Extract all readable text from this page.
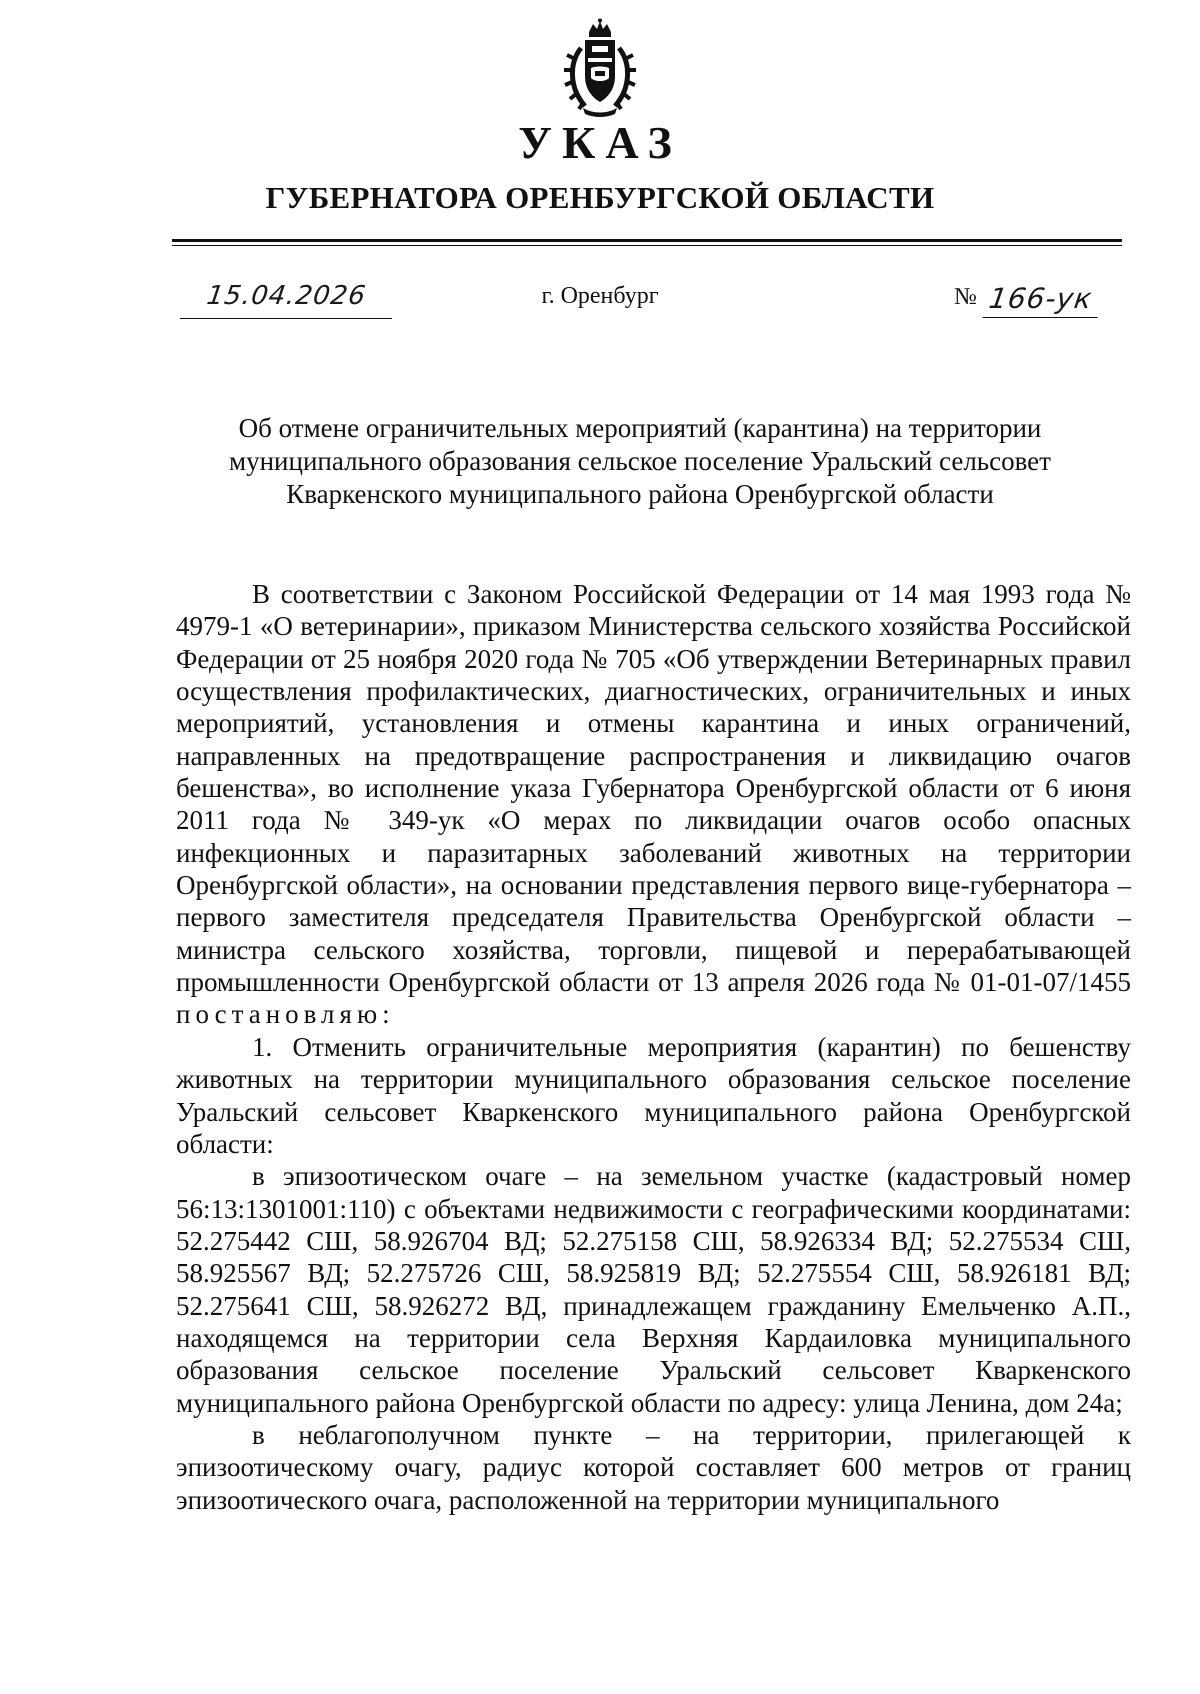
УКАЗ
ГУБЕРНАТОРА ОРЕНБУРГСКОЙ ОБЛАСТИ
15.04.2026	г. Оренбург	№ 166-ук
Об отмене ограничительных мероприятий (карантина) на территории
муниципального образования сельское поселение Уральский сельсовет
Кваркенского муниципального района Оренбургской области

В соответствии с Законом Российской Федерации от 14 мая 1993 года № 4979-1 «О ветеринарии», приказом Министерства сельского хозяйства Российской Федерации от 25 ноября 2020 года № 705 «Об утверждении Ветеринарных правил осуществления профилактических, диагностических, ограничительных и иных мероприятий, установления и отмены карантина и иных ограничений, направленных на предотвращение распространения и ликвидацию очагов бешенства», во исполнение указа Губернатора Оренбургской области от 6 июня 2011 года № 349-ук «О мерах по ликвидации очагов особо опасных инфекционных и паразитарных заболеваний животных на территории Оренбургской области», на основании представления первого вице-губернатора – первого заместителя председателя Правительства Оренбургской области – министра сельского хозяйства, торговли, пищевой и перерабатывающей промышленности Оренбургской области от 13 апреля 2026 года № 01-01-07/1455 постановляю:

1. Отменить ограничительные мероприятия (карантин) по бешенству животных на территории муниципального образования сельское поселение Уральский сельсовет Кваркенского муниципального района Оренбургской области:

в эпизоотическом очаге – на земельном участке (кадастровый номер 56:13:1301001:110) с объектами недвижимости с географическими координатами: 52.275442 СШ, 58.926704 ВД; 52.275158 СШ, 58.926334 ВД; 52.275534 СШ, 58.925567 ВД; 52.275726 СШ, 58.925819 ВД; 52.275554 СШ, 58.926181 ВД; 52.275641 СШ, 58.926272 ВД, принадлежащем гражданину Емельченко А.П., находящемся на территории села Верхняя Кардаиловка муниципального образования сельское поселение Уральский сельсовет Кваркенского муниципального района Оренбургской области по адресу: улица Ленина, дом 24а;

в неблагополучном пункте – на территории, прилегающей к эпизоотическому очагу, радиус которой составляет 600 метров от границ эпизоотического очага, расположенной на территории муниципального
